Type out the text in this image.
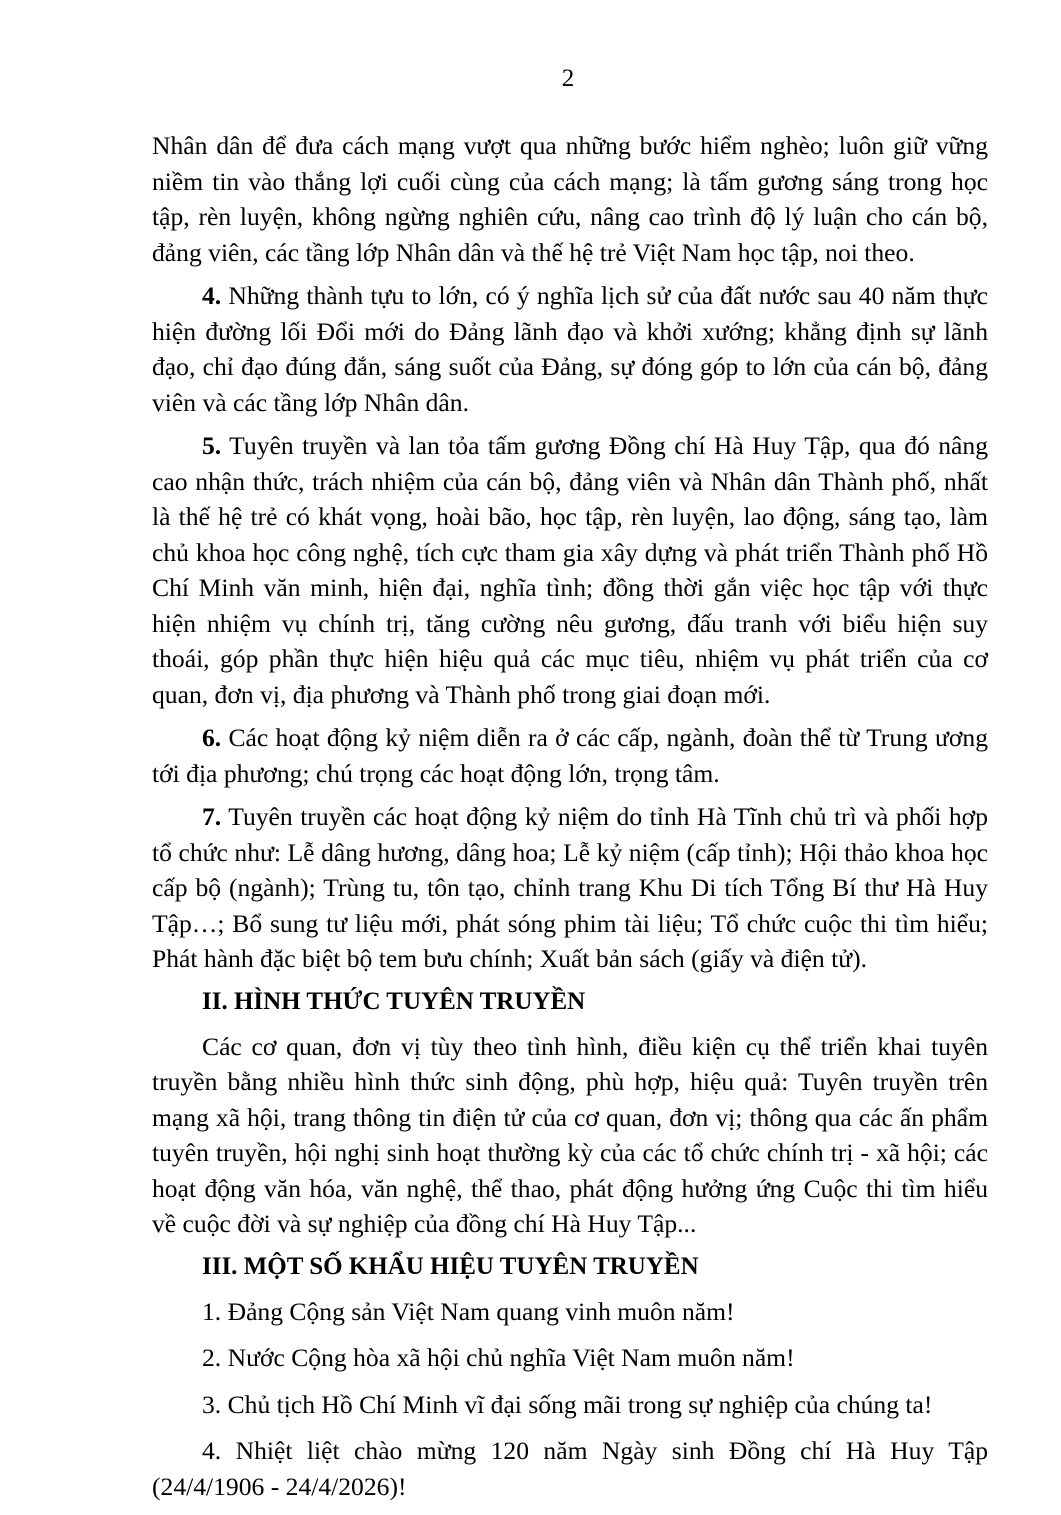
2

Nhân dân để đưa cách mạng vượt qua những bước hiểm nghèo; luôn giữ vững niềm tin vào thắng lợi cuối cùng của cách mạng; là tấm gương sáng trong học tập, rèn luyện, không ngừng nghiên cứu, nâng cao trình độ lý luận cho cán bộ, đảng viên, các tầng lớp Nhân dân và thế hệ trẻ Việt Nam học tập, noi theo.

4. Những thành tựu to lớn, có ý nghĩa lịch sử của đất nước sau 40 năm thực hiện đường lối Đổi mới do Đảng lãnh đạo và khởi xướng; khẳng định sự lãnh đạo, chỉ đạo đúng đắn, sáng suốt của Đảng, sự đóng góp to lớn của cán bộ, đảng viên và các tầng lớp Nhân dân.

5. Tuyên truyền và lan tỏa tấm gương Đồng chí Hà Huy Tập, qua đó nâng cao nhận thức, trách nhiệm của cán bộ, đảng viên và Nhân dân Thành phố, nhất là thế hệ trẻ có khát vọng, hoài bão, học tập, rèn luyện, lao động, sáng tạo, làm chủ khoa học công nghệ, tích cực tham gia xây dựng và phát triển Thành phố Hồ Chí Minh văn minh, hiện đại, nghĩa tình; đồng thời gắn việc học tập với thực hiện nhiệm vụ chính trị, tăng cường nêu gương, đấu tranh với biểu hiện suy thoái, góp phần thực hiện hiệu quả các mục tiêu, nhiệm vụ phát triển của cơ quan, đơn vị, địa phương và Thành phố trong giai đoạn mới.

6. Các hoạt động kỷ niệm diễn ra ở các cấp, ngành, đoàn thể từ Trung ương tới địa phương; chú trọng các hoạt động lớn, trọng tâm.

7. Tuyên truyền các hoạt động kỷ niệm do tỉnh Hà Tĩnh chủ trì và phối hợp tổ chức như: Lễ dâng hương, dâng hoa; Lễ kỷ niệm (cấp tỉnh); Hội thảo khoa học cấp bộ (ngành); Trùng tu, tôn tạo, chỉnh trang Khu Di tích Tổng Bí thư Hà Huy Tập…; Bổ sung tư liệu mới, phát sóng phim tài liệu; Tổ chức cuộc thi tìm hiểu; Phát hành đặc biệt bộ tem bưu chính; Xuất bản sách (giấy và điện tử).

II. HÌNH THỨC TUYÊN TRUYỀN

Các cơ quan, đơn vị tùy theo tình hình, điều kiện cụ thể triển khai tuyên truyền bằng nhiều hình thức sinh động, phù hợp, hiệu quả: Tuyên truyền trên mạng xã hội, trang thông tin điện tử của cơ quan, đơn vị; thông qua các ấn phẩm tuyên truyền, hội nghị sinh hoạt thường kỳ của các tổ chức chính trị - xã hội; các hoạt động văn hóa, văn nghệ, thể thao, phát động hưởng ứng Cuộc thi tìm hiểu về cuộc đời và sự nghiệp của đồng chí Hà Huy Tập...

III. MỘT SỐ KHẨU HIỆU TUYÊN TRUYỀN

1. Đảng Cộng sản Việt Nam quang vinh muôn năm!

2. Nước Cộng hòa xã hội chủ nghĩa Việt Nam muôn năm!

3. Chủ tịch Hồ Chí Minh vĩ đại sống mãi trong sự nghiệp của chúng ta!

4. Nhiệt liệt chào mừng 120 năm Ngày sinh Đồng chí Hà Huy Tập (24/4/1906 - 24/4/2026)!
